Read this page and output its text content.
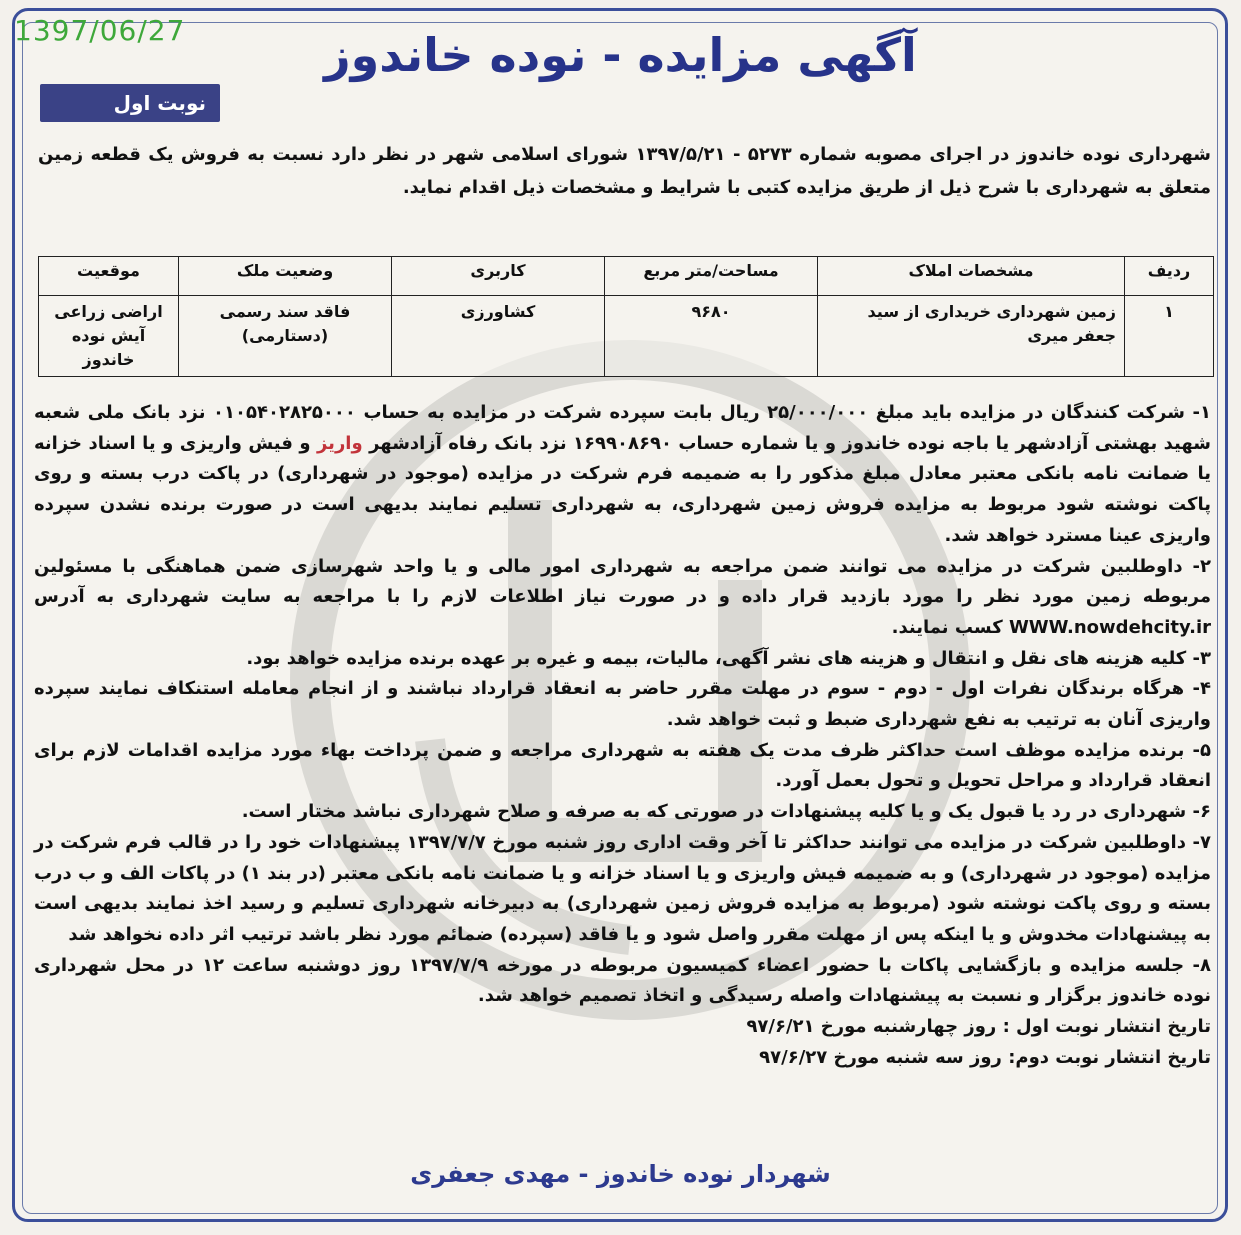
1397/06/27	آگهی مزایده - نوده خاندوز
نوبت اول
شهرداری نوده خاندوز در اجرای مصوبه شماره ۵۲۷۳ - ۱۳۹۷/۵/۲۱ شورای اسلامی شهر در نظر دارد نسبت به فروش یک قطعه زمین متعلق به شهرداری با شرح ذیل از طریق مزایده کتبی با شرایط و مشخصات ذیل اقدام نماید.
ردیف	مشخصات املاک	مساحت/متر مربع	کاربری	وضعیت ملک	موقعیت
۱	زمین شهرداری خریداری از سید جعفر میری	۹۶۸۰	کشاورزی	فاقد سند رسمی (دستارمی)	اراضی زراعی آیش نوده خاندوز

۱- شرکت کنندگان در مزایده باید مبلغ ۲۵/۰۰۰/۰۰۰ ریال بابت سپرده شرکت در مزایده به حساب ۰۱۰۵۴۰۲۸۲۵۰۰۰ نزد بانک ملی شعبه شهید بهشتی آزادشهر یا باجه نوده خاندوز و یا شماره حساب ۱۶۹۹۰۸۶۹۰ نزد بانک رفاه آزادشهر واریز و فیش واریزی و یا اسناد خزانه یا ضمانت نامه بانکی معتبر معادل مبلغ مذکور را به ضمیمه فرم شرکت در مزایده (موجود در شهرداری) در پاکت درب بسته و روی پاکت نوشته شود مربوط به مزایده فروش زمین شهرداری، به شهرداری تسلیم نمایند بدیهی است در صورت برنده نشدن سپرده واریزی عینا مسترد خواهد شد.

۲- داوطلبین شرکت در مزایده می توانند ضمن مراجعه به شهرداری امور مالی و یا واحد شهرسازی ضمن هماهنگی با مسئولین مربوطه زمین مورد نظر را مورد بازدید قرار داده و در صورت نیاز اطلاعات لازم را با مراجعه به سایت شهرداری به آدرس WWW.nowdehcity.ir کسب نمایند.

۳- کلیه هزینه های نقل و انتقال و هزینه های نشر آگهی، مالیات، بیمه و غیره بر عهده برنده مزایده خواهد بود.

۴- هرگاه برندگان نفرات اول - دوم - سوم در مهلت مقرر حاضر به انعقاد قرارداد نباشند و از انجام معامله استنکاف نمایند سپرده واریزی آنان به ترتیب به نفع شهرداری ضبط و ثبت خواهد شد.

۵- برنده مزایده موظف است حداکثر ظرف مدت یک هفته به شهرداری مراجعه و ضمن پرداخت بهاء مورد مزایده اقدامات لازم برای انعقاد قرارداد و مراحل تحویل و تحول بعمل آورد.

۶- شهرداری در رد یا قبول یک و یا کلیه پیشنهادات در صورتی که به صرفه و صلاح شهرداری نباشد مختار است.

۷- داوطلبین شرکت در مزایده می توانند حداکثر تا آخر وقت اداری روز شنبه مورخ ۱۳۹۷/۷/۷ پیشنهادات خود را در قالب فرم شرکت در مزایده (موجود در شهرداری) و به ضمیمه فیش واریزی و یا اسناد خزانه و یا ضمانت نامه بانکی معتبر (در بند ۱) در پاکات الف و ب درب بسته و روی پاکت نوشته شود (مربوط به مزایده فروش زمین شهرداری) به دبیرخانه شهرداری تسلیم و رسید اخذ نمایند بدیهی است به پیشنهادات مخدوش و یا اینکه پس از مهلت مقرر واصل شود و یا فاقد (سپرده) ضمائم مورد نظر باشد ترتیب اثر داده نخواهد شد

۸- جلسه مزایده و بازگشایی پاکات با حضور اعضاء کمیسیون مربوطه در مورخه ۱۳۹۷/۷/۹ روز دوشنبه ساعت ۱۲ در محل شهرداری نوده خاندوز برگزار و نسبت به پیشنهادات واصله رسیدگی و اتخاذ تصمیم خواهد شد.

تاریخ انتشار نوبت اول : روز چهارشنبه مورخ ۹۷/۶/۲۱

تاریخ انتشار نوبت دوم: روز سه شنبه مورخ ۹۷/۶/۲۷

شهردار نوده خاندوز - مهدی جعفری
